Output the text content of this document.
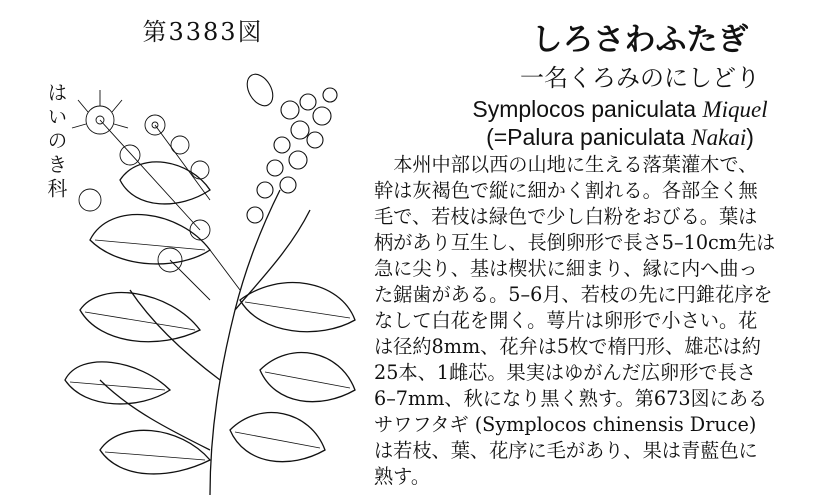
第3383図
はいのき科
しろさわふたぎ
一名くろみのにしどり
Symplocos paniculata Miquel
(=Palura paniculata Nakai)
本州中部以西の山地に生える落葉灌木で、
幹は灰褐色で縦に細かく割れる。各部全く無
毛で、若枝は緑色で少し白粉をおびる。葉は
柄があり互生し、長倒卵形で長さ5–10cm先は
急に尖り、基は楔状に細まり、縁に内へ曲っ
た鋸歯がある。5–6月、若枝の先に円錐花序を
なして白花を開く。萼片は卵形で小さい。花
は径約8mm、花弁は5枚で楕円形、雄芯は約
25本、1雌芯。果実はゆがんだ広卵形で長さ
6–7mm、秋になり黒く熟す。第673図にある
サワフタギ (Symplocos chinensis Druce)
は若枝、葉、花序に毛があり、果は青藍色に
熟す。
